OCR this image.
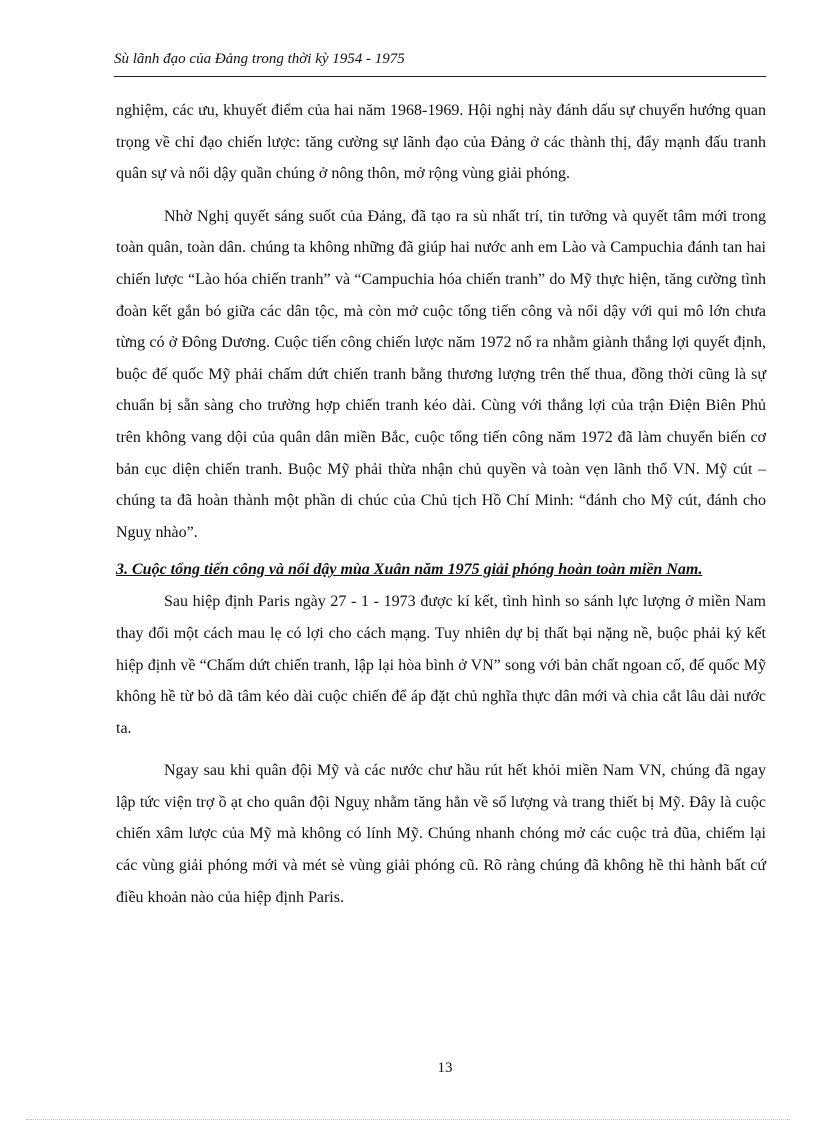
Sù lãnh đạo của Đảng trong thời kỳ 1954 - 1975

nghiệm, các ưu, khuyết điểm của hai năm 1968-1969. Hội nghị này đánh dấu sự chuyển hướng quan trọng về chỉ đạo chiến lược: tăng cường sự lãnh đạo của Đảng ở các thành thị, đẩy mạnh đấu tranh quân sự và nổi dậy quần chúng ở nông thôn, mở rộng vùng giải phóng.

Nhờ Nghị quyết sáng suốt của Đảng, đã tạo ra sù nhất trí, tin tưởng và quyết tâm mới trong toàn quân, toàn dân. chúng ta không những đã giúp hai nước anh em Lào và Campuchia đánh tan hai chiến lược “Lào hóa chiến tranh” và “Campuchia hóa chiến tranh” do Mỹ thực hiện, tăng cường tình đoàn kết gắn bó giữa các dân tộc, mà còn mở cuộc tổng tiến công và nổi dậy với qui mô lớn chưa từng có ở Đông Dương. Cuộc tiến công chiến lược năm 1972 nổ ra nhằm giành thắng lợi quyết định, buộc đế quốc Mỹ phải chấm dứt chiến tranh bằng thương lượng trên thế thua, đồng thời cũng là sự chuẩn bị sẵn sàng cho trường hợp chiến tranh kéo dài. Cùng với thắng lợi của trận Điện Biên Phủ trên không vang dội của quân dân miền Bắc, cuộc tổng tiến công năm 1972 đã làm chuyển biến cơ bản cục diện chiến tranh. Buộc Mỹ phải thừa nhận chủ quyền và toàn vẹn lãnh thổ VN. Mỹ cút – chúng ta đã hoàn thành một phần di chúc của Chủ tịch Hồ Chí Minh: “đánh cho Mỹ cút, đánh cho Nguỵ nhào”.

3. Cuộc tổng tiến công và nổi dậy mùa Xuân năm 1975 giải phóng hoàn toàn miền Nam.

Sau hiệp định Paris ngày 27 - 1 - 1973 được kí kết, tình hình so sánh lực lượng ở miền Nam thay đổi một cách mau lẹ có lợi cho cách mạng. Tuy nhiên dự bị thất bại nặng nề, buộc phải ký kết hiệp định về “Chấm dứt chiến tranh, lập lại hòa bình ở VN” song với bản chất ngoan cố, đế quốc Mỹ không hề từ bỏ dã tâm kéo dài cuộc chiến để áp đặt chủ nghĩa thực dân mới và chia cắt lâu dài nước ta.

Ngay sau khi quân đội Mỹ và các nước chư hầu rút hết khỏi miền Nam VN, chúng đã ngay lập tức viện trợ ồ ạt cho quân đội Nguỵ nhằm tăng hẳn về số lượng và trang thiết bị Mỹ. Đây là cuộc chiến xâm lược của Mỹ mà không có lính Mỹ. Chúng nhanh chóng mở các cuộc trả đũa, chiếm lại các vùng giải phóng mới và mét sè vùng giải phóng cũ. Rõ ràng chúng đã không hề thi hành bất cứ điều khoản nào của hiệp định Paris.

13
